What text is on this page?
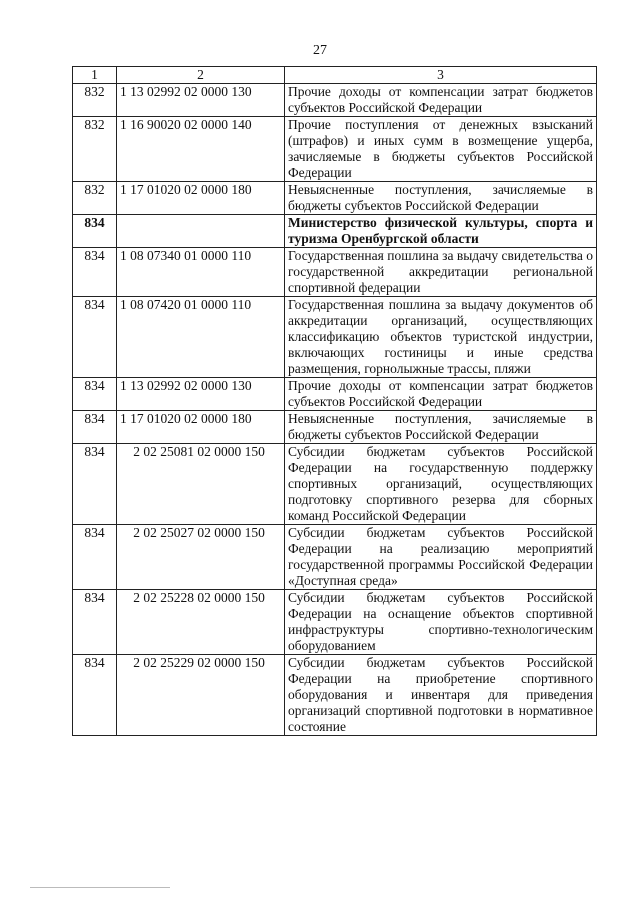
27
1	2	3
832	1 13 02992 02 0000 130	Прочие доходы от компенсации затрат бюджетов субъектов Российской Федерации
832	1 16 90020 02 0000 140	Прочие поступления от денежных взысканий (штрафов) и иных сумм в возмещение ущерба, зачисляемые в бюджеты субъектов Российской Федерации
832	1 17 01020 02 0000 180	Невыясненные поступления, зачисляемые в бюджеты субъектов Российской Федерации
834		Министерство физической культуры, спорта и туризма Оренбургской области
834	1 08 07340 01 0000 110	Государственная пошлина за выдачу свидетельства о государственной аккредитации региональной спортивной федерации
834	1 08 07420 01 0000 110	Государственная пошлина за выдачу документов об аккредитации организаций, осуществляющих классификацию объектов туристской индустрии, включающих гостиницы и иные средства размещения, горнолыжные трассы, пляжи
834	1 13 02992 02 0000 130	Прочие доходы от компенсации затрат бюджетов субъектов Российской Федерации
834	1 17 01020 02 0000 180	Невыясненные поступления, зачисляемые в бюджеты субъектов Российской Федерации
834	2 02 25081 02 0000 150	Субсидии бюджетам субъектов Российской Федерации на государственную поддержку спортивных организаций, осуществляющих подготовку спортивного резерва для сборных команд Российской Федерации
834	2 02 25027 02 0000 150	Субсидии бюджетам субъектов Российской Федерации на реализацию мероприятий государственной программы Российской Федерации «Доступная среда»
834	2 02 25228 02 0000 150	Субсидии бюджетам субъектов Российской Федерации на оснащение объектов спортивной инфраструктуры спортивно-технологическим оборудованием
834	2 02 25229 02 0000 150	Субсидии бюджетам субъектов Российской Федерации на приобретение спортивного оборудования и инвентаря для приведения организаций спортивной подготовки в нормативное состояние
